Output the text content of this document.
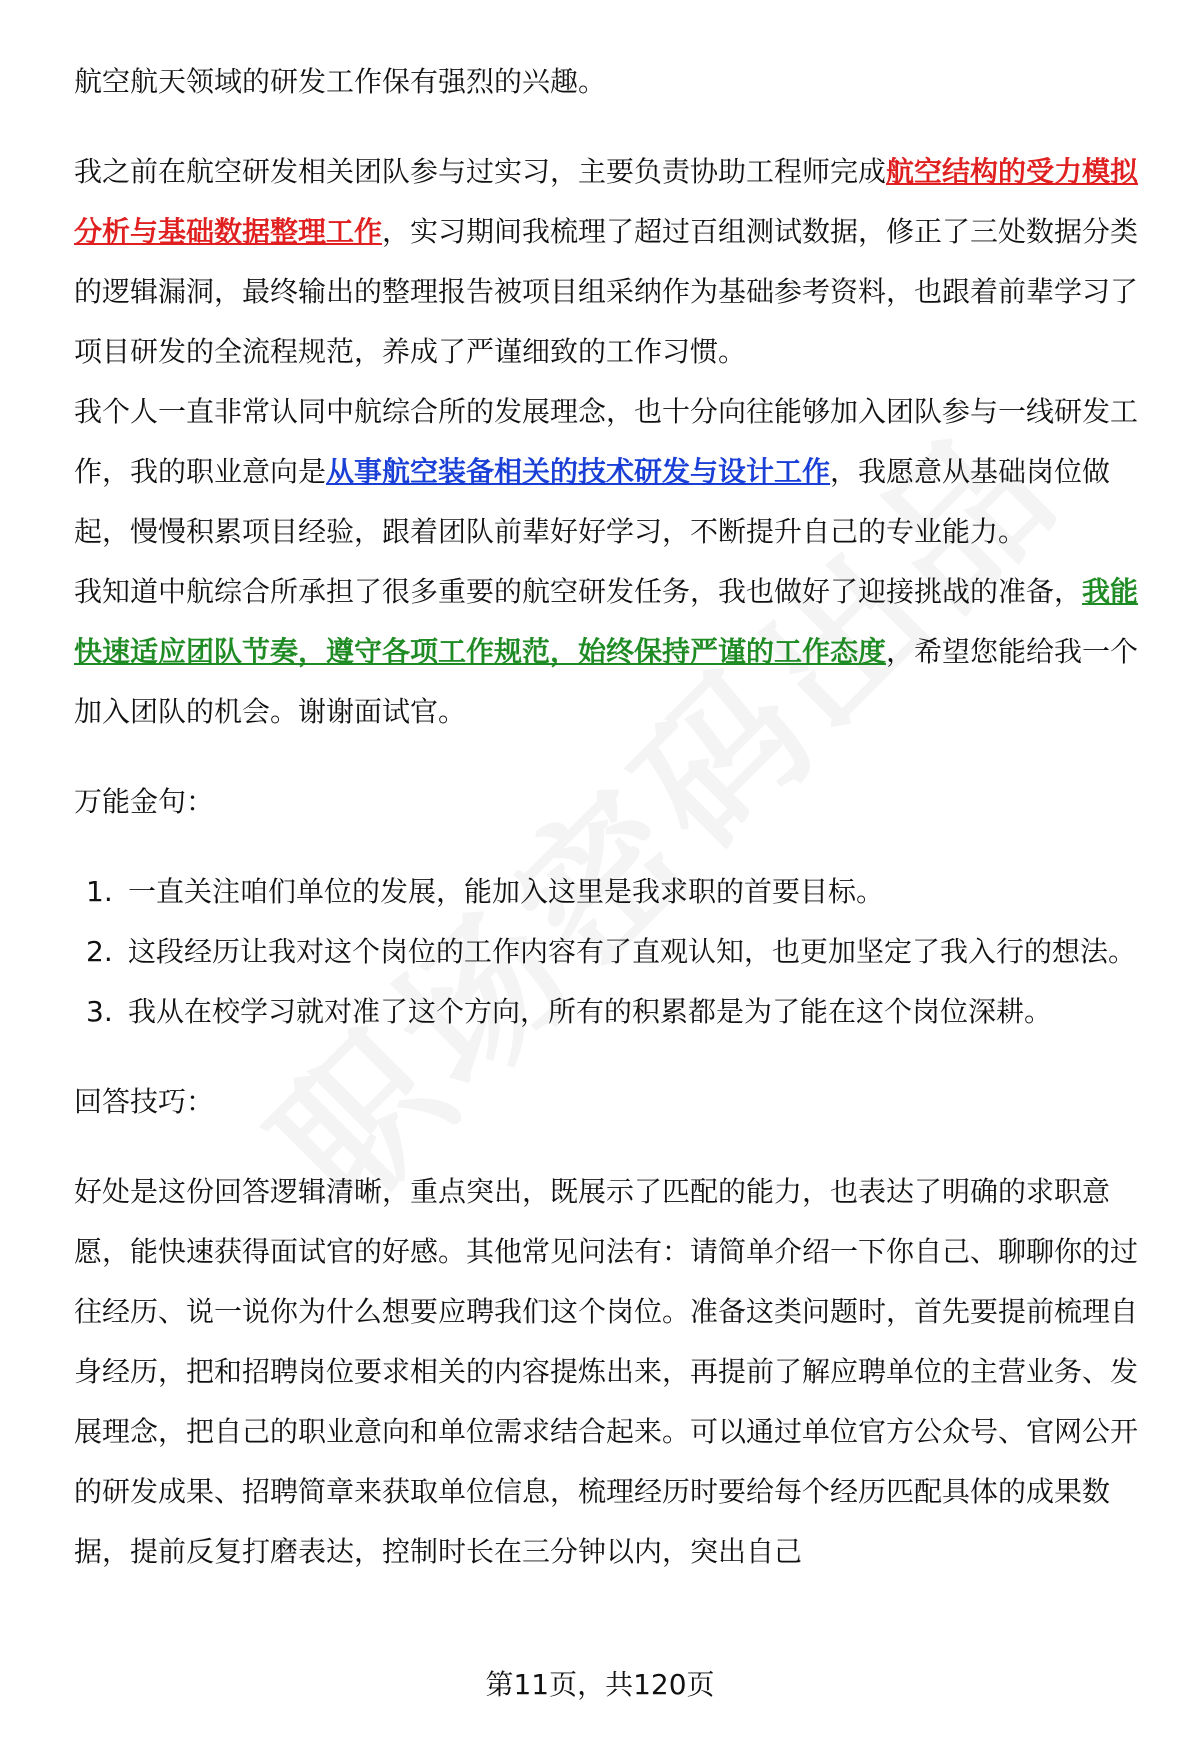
航空航天领域的研发工作保有强烈的兴趣。

我之前在航空研发相关团队参与过实习，主要负责协助工程师完成航空结构的受力模拟分析与基础数据整理工作，实习期间我梳理了超过百组测试数据，修正了三处数据分类的逻辑漏洞，最终输出的整理报告被项目组采纳作为基础参考资料，也跟着前辈学习了项目研发的全流程规范，养成了严谨细致的工作习惯。

我个人一直非常认同中航综合所的发展理念，也十分向往能够加入团队参与一线研发工作，我的职业意向是从事航空装备相关的技术研发与设计工作，我愿意从基础岗位做起，慢慢积累项目经验，跟着团队前辈好好学习，不断提升自己的专业能力。

我知道中航综合所承担了很多重要的航空研发任务，我也做好了迎接挑战的准备，我能快速适应团队节奏，遵守各项工作规范，始终保持严谨的工作态度，希望您能给我一个加入团队的机会。谢谢面试官。

万能金句：

1. 一直关注咱们单位的发展，能加入这里是我求职的首要目标。
2. 这段经历让我对这个岗位的工作内容有了直观认知，也更加坚定了我入行的想法。
3. 我从在校学习就对准了这个方向，所有的积累都是为了能在这个岗位深耕。

回答技巧：

好处是这份回答逻辑清晰，重点突出，既展示了匹配的能力，也表达了明确的求职意愿，能快速获得面试官的好感。其他常见问法有：请简单介绍一下你自己、聊聊你的过往经历、说一说你为什么想要应聘我们这个岗位。准备这类问题时，首先要提前梳理自身经历，把和招聘岗位要求相关的内容提炼出来，再提前了解应聘单位的主营业务、发展理念，把自己的职业意向和单位需求结合起来。可以通过单位官方公众号、官网公开的研发成果、招聘简章来获取单位信息，梳理经历时要给每个经历匹配具体的成果数据，提前反复打磨表达，控制时长在三分钟以内，突出自己

第11页，共120页
